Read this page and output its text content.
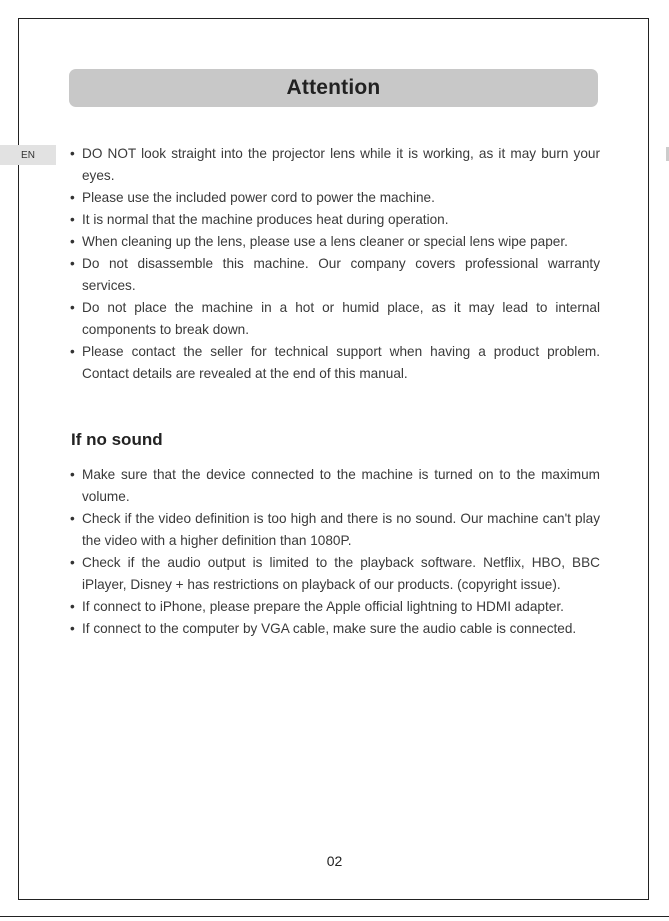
Attention
EN	• DO NOT look straight into the projector lens while it is working, as it may burn your eyes.
• Please use the included power cord to power the machine.
• It is normal that the machine produces heat during operation.
• When cleaning up the lens, please use a lens cleaner or special lens wipe paper.
• Do not disassemble this machine. Our company covers professional warranty services.
• Do not place the machine in a hot or humid place, as it may lead to internal components to break down.
• Please contact the seller for technical support when having a product problem. Contact details are revealed at the end of this manual.
If no sound
• Make sure that the device connected to the machine is turned on to the maximum volume.
• Check if the video definition is too high and there is no sound. Our machine can't play the video with a higher definition than 1080P.
• Check if the audio output is limited to the playback software. Netflix, HBO, BBC iPlayer, Disney + has restrictions on playback of our products. (copyright issue).
• If connect to iPhone, please prepare the Apple official lightning to HDMI adapter.
• If connect to the computer by VGA cable, make sure the audio cable is connected.
02
